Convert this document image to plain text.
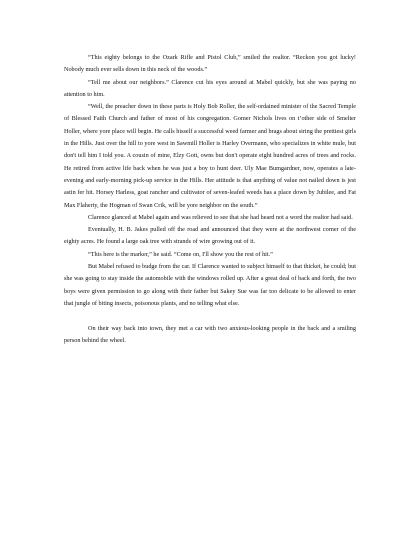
“This eighty belongs to the Ozark Rifle and Pistol Club,” smiled the realtor. “Reckon you got lucky! Nobody much ever sells down in this neck of the woods.”

“Tell me about our neighbors.” Clarence cut his eyes around at Mabel quickly, but she was paying no attention to him.

“Well, the preacher down in these parts is Holy Bob Roller, the self-ordained minister of the Sacred Temple of Blessed Faith Church and father of most of his congregation. Gomer Nichols lives on t’other side of Smelter Holler, where yore place will begin. He calls hisself a successful weed farmer and brags about siring the prettiest girls in the Hills. Just over the hill to yore west in Sawmill Holler is Harley Overmann, who specializes in white mule, but don't tell him I told you. A cousin of mine, Elzy Gott, owns but don't operate eight hundred acres of trees and rocks. He retired from active life back when he was just a boy to hunt deer. Uly Mae Bumgardner, now, operates a late-evening and early-morning pick-up service in the Hills. Her attitude is that anything of value not nailed down is jest astin fer hit. Horsey Harless, goat rancher and cultivator of seven-leafed weeds has a place down by Jubilee, and Fat Max Flaherty, the Hogman of Swan Crik, will be yore neighbor on the south.”

Clarence glanced at Mabel again and was relieved to see that she had heard not a word the realtor had said.

Eventually, H. B. Jakes pulled off the road and announced that they were at the northwest corner of the eighty acres. He found a large oak tree with strands of wire growing out of it.

“This here is the marker,” he said. “Come on, I'll show you the rest of hit.”

But Mabel refused to budge from the car. If Clarence wanted to subject himself to that thicket, he could; but she was going to stay inside the automobile with the windows rolled up. After a great deal of back and forth, the two boys were given permission to go along with their father but Sakey Sue was far too delicate to be allowed to enter that jungle of biting insects, poisonous plants, and no telling what else.

On their way back into town, they met a car with two anxious-looking people in the back and a smiling person behind the wheel.
